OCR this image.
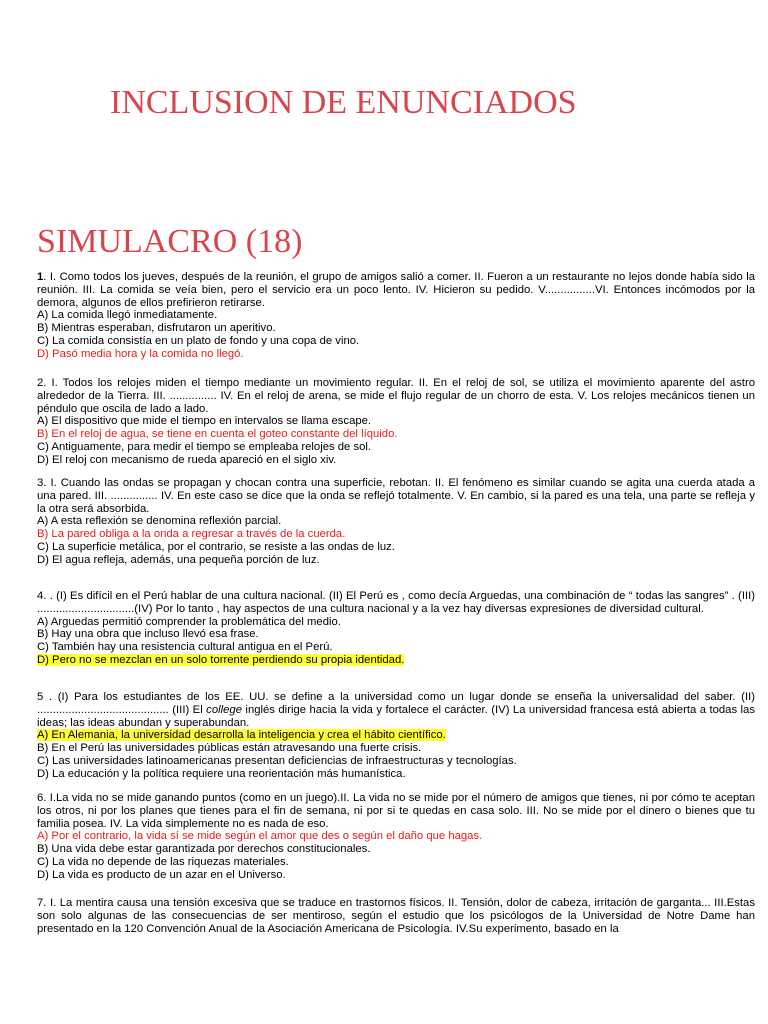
INCLUSION DE ENUNCIADOS
SIMULACRO (18)

1. I. Como todos los jueves, después de la reunión, el grupo de amigos salió a comer. II. Fueron a un restaurante no lejos donde había sido la reunión. III. La comida se veía bien, pero el servicio era un poco lento. IV. Hicieron su pedido. V................VI. Entonces incómodos por la demora, algunos de ellos prefirieron retirarse.

A) La comida llegó inmediatamente.

B) Mientras esperaban, disfrutaron un aperitivo.

C) La comida consistía en un plato de fondo y una copa de vino.

D) Pasó media hora y la comida no llegó.

2. I. Todos los relojes miden el tiempo mediante un movimiento regular. II. En el reloj de sol, se utiliza el movimiento aparente del astro alrededor de la Tierra. III. ............... IV. En el reloj de arena, se mide el flujo regular de un chorro de esta. V. Los relojes mecánicos tienen un péndulo que oscila de lado a lado.

A) El dispositivo que mide el tiempo en intervalos se llama escape.

B) En el reloj de agua, se tiene en cuenta el goteo constante del líquido.

C) Antiguamente, para medir el tiempo se empleaba relojes de sol.

D) El reloj con mecanismo de rueda apareció en el siglo xiv.

3. I. Cuando las ondas se propagan y chocan contra una superficie, rebotan. II. El fenómeno es similar cuando se agita una cuerda atada a una pared. III. ............... IV. En este caso se dice que la onda se reflejó totalmente. V. En cambio, si la pared es una tela, una parte se refleja y la otra será absorbida.

A) A esta reflexión se denomina reflexión parcial.

B) La pared obliga a la onda a regresar a través de la cuerda.

C) La superficie metálica, por el contrario, se resiste a las ondas de luz.

D) El agua refleja, además, una pequeña porción de luz.

4. . (I) Es difícil en el Perú hablar de una cultura nacional. (II) El Perú es , como decía Arguedas, una combinación de “ todas las sangres” . (III) ...............................(IV) Por lo tanto , hay aspectos de una cultura nacional y a la vez hay diversas expresiones de diversidad cultural.

A) Arguedas permitió comprender la problemática del medio.

B) Hay una obra que incluso llevó esa frase.

C) También hay una resistencia cultural antigua en el Perú.

D) Pero no se mezclan en un solo torrente perdiendo su propia identidad.

5 . (I) Para los estudiantes de los EE. UU. se define a la universidad como un lugar donde se enseña la universalidad del saber. (II) .......................................... (III) El college inglés dirige hacia la vida y fortalece el carácter. (IV) La universidad francesa está abierta a todas las ideas; las ideas abundan y superabundan.

A) En Alemania, la universidad desarrolla la inteligencia y crea el hábito científico.

B) En el Perú las universidades públicas están atravesando una fuerte crisis.

C) Las universidades latinoamericanas presentan deficiencias de infraestructuras y tecnologías.

D) La educación y la política requiere una reorientación más humanística.

6. I.La vida no se mide ganando puntos (como en un juego).II. La vida no se mide por el número de amigos que tienes, ni por cómo te aceptan los otros, ni por los planes que tienes para el fin de semana, ni por si te quedas en casa solo. III. No se mide por el dinero o bienes que tu familia posea. IV. La vida simplemente no es nada de eso.

A) Por el contrario, la vida sí se mide según el amor que des o según el daño que hagas.

B) Una vida debe estar garantizada por derechos constitucionales.

C) La vida no depende de las riquezas materiales.

D) La vida es producto de un azar en el Universo.

7. I. La mentira causa una tensión excesiva que se traduce en trastornos físicos. II. Tensión, dolor de cabeza, irritación de garganta... III.Estas son solo algunas de las consecuencias de ser mentiroso, según el estudio que los psicólogos de la Universidad de Notre Dame han presentado en la 120 Convención Anual de la Asociación Americana de Psicología. IV.Su experimento, basado en la
